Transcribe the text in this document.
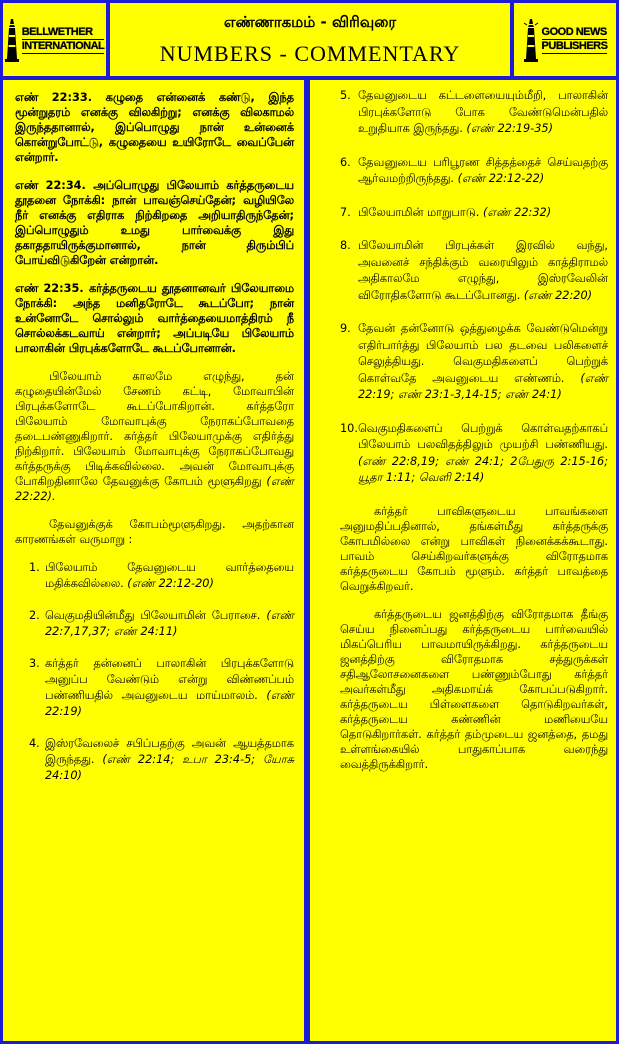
BELLWETHER
INTERNATIONAL
எண்ணாகமம் - விரிவுரை
NUMBERS - COMMENTARY
GOOD NEWS
PUBLISHERS

எண் 22:33. கழுதை என்னைக் கண்டு, இந்த மூன்றுதரம் எனக்கு விலகிற்று; எனக்கு விலகாமல் இருந்ததானால், இப்பொழுது நான் உன்னைக் கொன்றுபோட்டு, கழுதையை உயிரோடே வைப்பேன் என்றார்.

எண் 22:34. அப்பொழுது பிலேயாம் கர்த்தருடைய தூதனை நோக்கி: நான் பாவஞ்செய்தேன்; வழியிலே நீர் எனக்கு எதிராக நிற்கிறதை அறியாதிருந்தேன்; இப்பொழுதும் உமது பார்வைக்கு இது தகாததாயிருக்குமானால், நான் திரும்பிப் போய்விடுகிறேன் என்றான்.

எண் 22:35. கர்த்தருடைய தூதனானவர் பிலேயாமை நோக்கி: அந்த மனிதரோடே கூடப்போ; நான் உன்னோடே சொல்லும் வார்த்தையைமாத்திரம் நீ சொல்லக்கடவாய் என்றார்; அப்படியே பிலேயாம் பாலாகின் பிரபுக்களோடே கூடப்போனான்.

பிலேயாம் காலமே எழுந்து, தன் கழுதையின்மேல் சேணம் கட்டி, மோவாபின் பிரபுக்களோடே கூடப்போகிறான். கர்த்தரோ பிலேயாம் மோவாபுக்கு நேராகப்போவதை தடைபண்ணுகிறார். கர்த்தர் பிலேயாமுக்கு எதிர்த்து நிற்கிறார். பிலேயாம் மோவாபுக்கு நேராகப்போவது கர்த்தருக்கு பிடிக்கவில்லை. அவன் மோவாபுக்கு போகிறதினாலே தேவனுக்கு கோபம் மூளுகிறது (எண் 22:22).

தேவனுக்குக் கோபம்மூளுகிறது. அதற்கான காரணங்கள் வருமாறு :

1. பிலேயாம் தேவனுடைய வார்த்தையை மதிக்கவில்லை. (எண் 22:12-20)
2. வெகுமதியின்மீது பிலேயாமின் பேராசை. (எண் 22:7,17,37; எண் 24:11)
3. கர்த்தர் தன்னைப் பாலாகின் பிரபுக்களோடு அனுப்ப வேண்டும் என்று விண்ணப்பம் பண்ணியதில் அவனுடைய மாய்மாலம். (எண் 22:19)
4. இஸ்ரவேலைச் சபிப்பதற்கு அவன் ஆயத்தமாக இருந்தது. (எண் 22:14; உபா 23:4-5; யோசு 24:10)
5. தேவனுடைய கட்டளையையும்மீறி, பாலாகின் பிரபுக்களோடு போக வேண்டுமென்பதில் உறுதியாக இருந்தது. (எண் 22:19-35)
6. தேவனுடைய பரிபூரண சித்தத்தைச் செய்வதற்கு ஆர்வமற்றிருந்தது. (எண் 22:12-22)
7. பிலேயாமின் மாறுபாடு. (எண் 22:32)
8. பிலேயாமின் பிரபுக்கள் இரவில் வந்து, அவனைச் சந்திக்கும் வரையிலும் காத்திராமல் அதிகாலமே எழுந்து, இஸ்ரவேலின் விரோதிகளோடு கூடப்போனது. (எண் 22:20)
9. தேவன் தன்னோடு ஒத்துழைக்க வேண்டுமென்று எதிர்பார்த்து பிலேயாம் பல தடவை பலிகளைச் செலுத்தியது. வெகுமதிகளைப் பெற்றுக் கொள்வதே அவனுடைய எண்ணம். (எண் 22:19; எண் 23:1-3,14-15; எண் 24:1)
10. வெகுமதிகளைப் பெற்றுக் கொள்வதற்காகப் பிலேயாம் பலவிதத்திலும் முயற்சி பண்ணியது. (எண் 22:8,19; எண் 24:1; 2பேதுரு 2:15-16; யூதா 1:11; வெளி 2:14)

கர்த்தர் பாவிகளுடைய பாவங்களை அனுமதிப்பதினால், தங்கள்மீது கர்த்தருக்கு கோபமில்லை என்று பாவிகள் நினைக்கக்கூடாது. பாவம் செய்கிறவர்களுக்கு விரோதமாக கர்த்தருடைய கோபம் மூளும். கர்த்தர் பாவத்தை வெறுக்கிறவர்.

கர்த்தருடைய ஜனத்திற்கு விரோதமாக தீங்கு செய்ய நினைப்பது கர்த்தருடைய பார்வையில் மிகப்பெரிய பாவமாயிருக்கிறது. கர்த்தருடைய ஜனத்திற்கு விரோதமாக சத்துருக்கள் சதிஆலோசனைகளை பண்ணும்போது கர்த்தர் அவர்கள்மீது அதிகமாய்க் கோபப்படுகிறார். கர்த்தருடைய பிள்ளைகளை தொடுகிறவர்கள், கர்த்தருடைய கண்ணின் மணியையே தொடுகிறார்கள். கர்த்தர் தம்முடைய ஜனத்தை, தமது உள்ளங்கையில் பாதுகாப்பாக வரைந்து வைத்திருக்கிறார்.
